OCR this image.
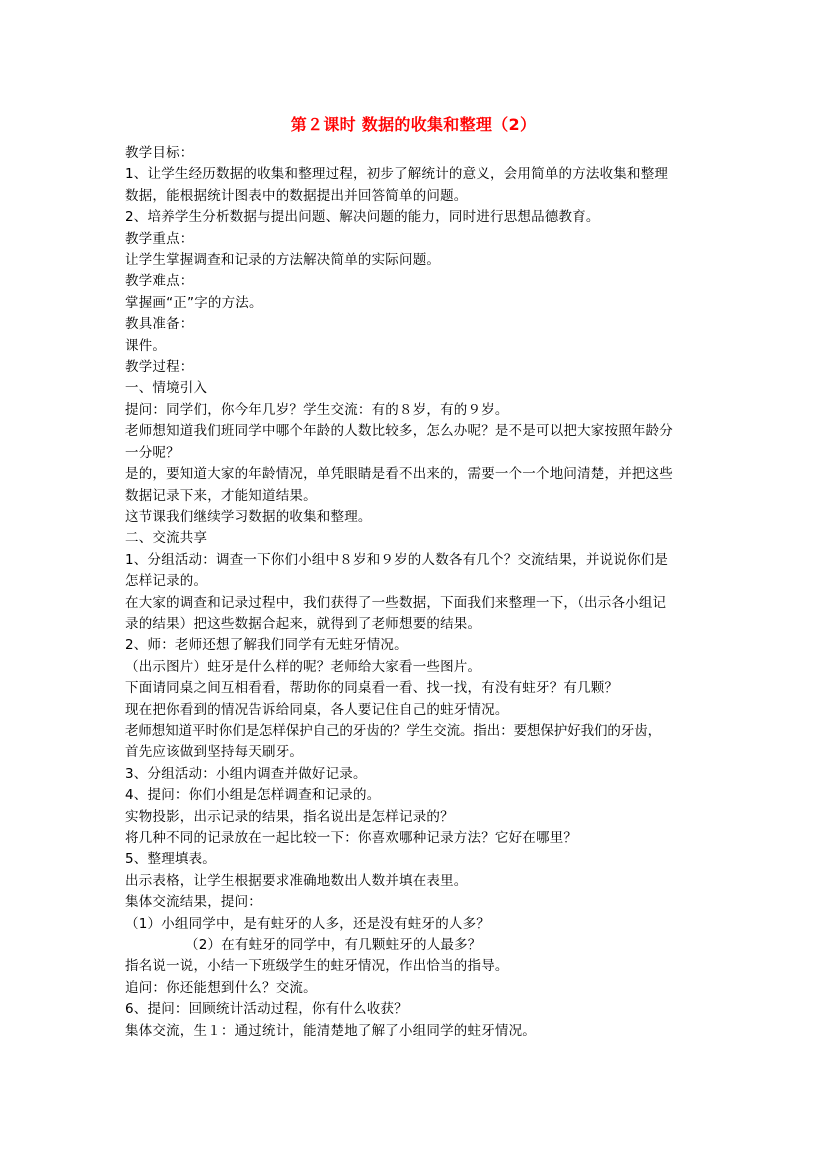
第２课时 数据的收集和整理（2）
教学目标：
1、让学生经历数据的收集和整理过程，初步了解统计的意义，会用简单的方法收集和整理
数据，能根据统计图表中的数据提出并回答简单的问题。
2、培养学生分析数据与提出问题、解决问题的能力，同时进行思想品德教育。
教学重点：
让学生掌握调查和记录的方法解决简单的实际问题。
教学难点：
掌握画“正”字的方法。
教具准备：
课件。
教学过程：
一、情境引入
提问：同学们，你今年几岁？学生交流：有的８岁，有的９岁。
老师想知道我们班同学中哪个年龄的人数比较多，怎么办呢？是不是可以把大家按照年龄分
一分呢？
是的，要知道大家的年龄情况，单凭眼睛是看不出来的，需要一个一个地问清楚，并把这些
数据记录下来，才能知道结果。
这节课我们继续学习数据的收集和整理。
二、交流共享
1、分组活动：调查一下你们小组中８岁和９岁的人数各有几个？交流结果，并说说你们是
怎样记录的。
在大家的调查和记录过程中，我们获得了一些数据，下面我们来整理一下，（出示各小组记
录的结果）把这些数据合起来，就得到了老师想要的结果。
2、师：老师还想了解我们同学有无蛀牙情况。
（出示图片）蛀牙是什么样的呢？老师给大家看一些图片。
下面请同桌之间互相看看，帮助你的同桌看一看、找一找，有没有蛀牙？有几颗？
现在把你看到的情况告诉给同桌，各人要记住自己的蛀牙情况。
老师想知道平时你们是怎样保护自己的牙齿的？学生交流。指出：要想保护好我们的牙齿，
首先应该做到坚持每天刷牙。
3、分组活动：小组内调查并做好记录。
4、提问：你们小组是怎样调查和记录的。
实物投影，出示记录的结果，指名说出是怎样记录的？
将几种不同的记录放在一起比较一下：你喜欢哪种记录方法？它好在哪里？
5、整理填表。
出示表格，让学生根据要求准确地数出人数并填在表里。
集体交流结果，提问：
（1）小组同学中，是有蛀牙的人多，还是没有蛀牙的人多？
（2）在有蛀牙的同学中，有几颗蛀牙的人最多？
指名说一说，小结一下班级学生的蛀牙情况，作出恰当的指导。
追问：你还能想到什么？交流。
6、提问：回顾统计活动过程，你有什么收获？
集体交流，生１：通过统计，能清楚地了解了小组同学的蛀牙情况。
